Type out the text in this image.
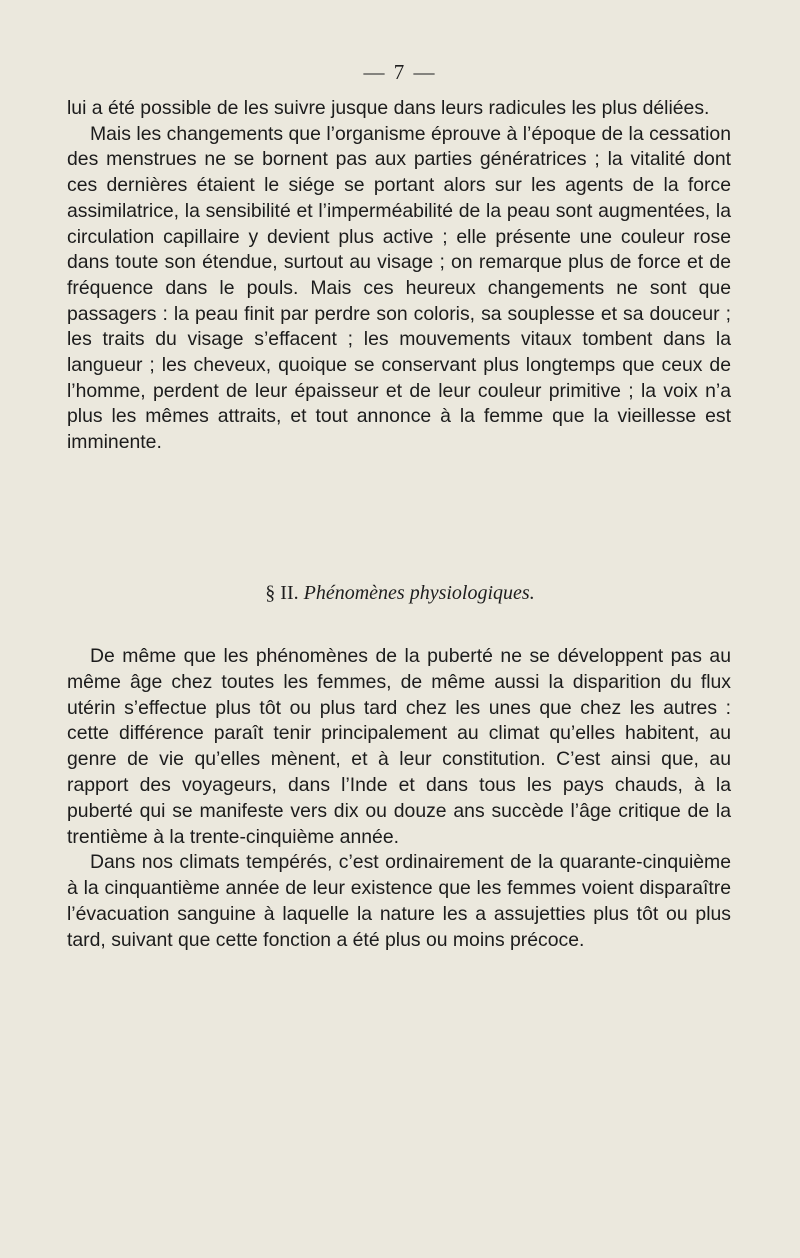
— 7 —

lui a été possible de les suivre jusque dans leurs radicules les plus déliées.

Mais les changements que l’organisme éprouve à l’époque de la cessation des menstrues ne se bornent pas aux parties génératrices ; la vitalité dont ces dernières étaient le siége se portant alors sur les agents de la force assimilatrice, la sensibilité et l’imperméabilité de la peau sont augmentées, la circulation capillaire y devient plus active ; elle présente une couleur rose dans toute son étendue, surtout au visage ; on remarque plus de force et de fréquence dans le pouls. Mais ces heureux changements ne sont que passagers : la peau finit par perdre son coloris, sa souplesse et sa douceur ; les traits du visage s’effacent ; les mouvements vitaux tombent dans la langueur ; les cheveux, quoique se conservant plus longtemps que ceux de l’homme, perdent de leur épaisseur et de leur couleur primitive ; la voix n’a plus les mêmes attraits, et tout annonce à la femme que la vieillesse est imminente.

§ II. Phénomènes physiologiques.

De même que les phénomènes de la puberté ne se développent pas au même âge chez toutes les femmes, de même aussi la disparition du flux utérin s’effectue plus tôt ou plus tard chez les unes que chez les autres : cette différence paraît tenir principalement au climat qu’elles habitent, au genre de vie qu’elles mènent, et à leur constitution. C’est ainsi que, au rapport des voyageurs, dans l’Inde et dans tous les pays chauds, à la puberté qui se manifeste vers dix ou douze ans succède l’âge critique de la trentième à la trente-cinquième année.

Dans nos climats tempérés, c’est ordinairement de la quarante-cinquième à la cinquantième année de leur existence que les femmes voient disparaître l’évacuation sanguine à laquelle la nature les a assujetties plus tôt ou plus tard, suivant que cette fonction a été plus ou moins précoce.
